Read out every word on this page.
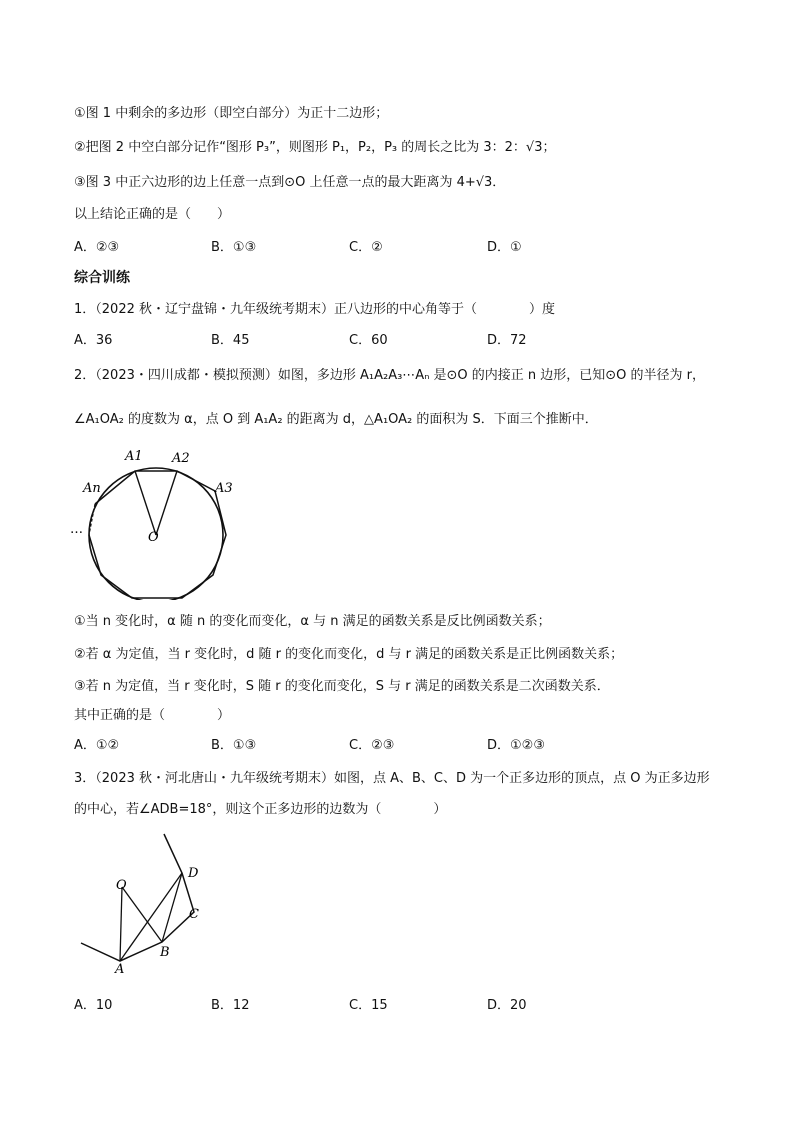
①图 1 中剩余的多边形（即空白部分）为正十二边形；
②把图 2 中空白部分记作“图形 P₃”，则图形 P₁，P₂，P₃ 的周长之比为 3：2：√3；
③图 3 中正六边形的边上任意一点到⊙O 上任意一点的最大距离为 4+√3．
以上结论正确的是（　　）
A．②③	B．①③	C．②	D．①
综合训练
1．（2022 秋・辽宁盘锦・九年级统考期末）正八边形的中心角等于（　　　　）度
A．36	B．45	C．60	D．72
2．（2023・四川成都・模拟预测）如图，多边形 A₁A₂A₃⋯Aₙ 是⊙O 的内接正 n 边形，已知⊙O 的半径为 r，
∠A₁OA₂ 的度数为 α，点 O 到 A₁A₂ 的距离为 d，△A₁OA₂ 的面积为 S．下面三个推断中．
A1 A2
A3
An
O
…
①当 n 变化时，α 随 n 的变化而变化，α 与 n 满足的函数关系是反比例函数关系；
②若 α 为定值，当 r 变化时，d 随 r 的变化而变化，d 与 r 满足的函数关系是正比例函数关系；
③若 n 为定值，当 r 变化时，S 随 r 的变化而变化，S 与 r 满足的函数关系是二次函数关系．
其中正确的是（　　　　）
A．①②	B．①③	C．②③	D．①②③
3．（2023 秋・河北唐山・九年级统考期末）如图，点 A、B、C、D 为一个正多边形的顶点，点 O 为正多边形
的中心，若∠ADB=18°，则这个正多边形的边数为（　　　　）
O
D
C
B
A
A．10	B．12	C．15	D．20
